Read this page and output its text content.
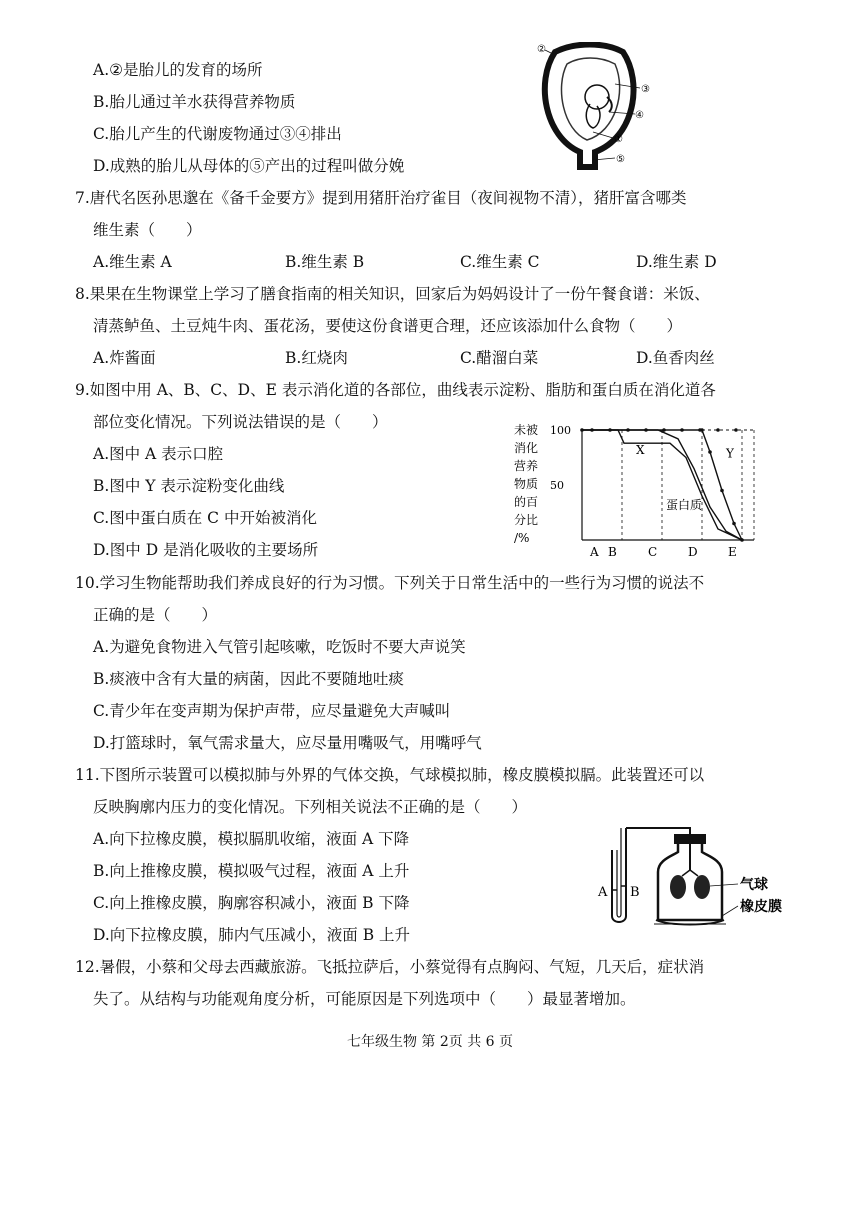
A.②是胎儿的发育的场所
B.胎儿通过羊水获得营养物质
C.胎儿产生的代谢废物通过③④排出
D.成熟的胎儿从母体的⑤产出的过程叫做分娩
②
③
④
①
⑤
7.唐代名医孙思邈在《备千金要方》提到用猪肝治疗雀目（夜间视物不清），猪肝富含哪类
维生素（　　）
A.维生素 A	B.维生素 B	C.维生素 C	D.维生素 D
8.果果在生物课堂上学习了膳食指南的相关知识，回家后为妈妈设计了一份午餐食谱：米饭、
清蒸鲈鱼、土豆炖牛肉、蛋花汤，要使这份食谱更合理，还应该添加什么食物（　　）
A.炸酱面	B.红烧肉	C.醋溜白菜	D.鱼香肉丝
9.如图中用 A、B、C、D、E 表示消化道的各部位，曲线表示淀粉、脂肪和蛋白质在消化道各
部位变化情况。下列说法错误的是（　　）
A.图中 A 表示口腔
B.图中 Y 表示淀粉变化曲线
C.图中蛋白质在 C 中开始被消化
D.图中 D 是消化吸收的主要场所
未被
消化
营养
物质
的百
分比
/%
100
50
A B	C	D	E
X	Y
蛋白质
10.学习生物能帮助我们养成良好的行为习惯。下列关于日常生活中的一些行为习惯的说法不
正确的是（　　）
A.为避免食物进入气管引起咳嗽，吃饭时不要大声说笑
B.痰液中含有大量的病菌，因此不要随地吐痰
C.青少年在变声期为保护声带，应尽量避免大声喊叫
D.打篮球时，氧气需求量大，应尽量用嘴吸气，用嘴呼气
11.下图所示装置可以模拟肺与外界的气体交换，气球模拟肺，橡皮膜模拟膈。此装置还可以
反映胸廓内压力的变化情况。下列相关说法不正确的是（　　）
A.向下拉橡皮膜，模拟膈肌收缩，液面 A 下降
B.向上推橡皮膜，模拟吸气过程，液面 A 上升
C.向上推橡皮膜，胸廓容积减小，液面 B 下降
D.向下拉橡皮膜，肺内气压减小，液面 B 上升
A B	气球
橡皮膜
12.暑假，小蔡和父母去西藏旅游。飞抵拉萨后，小蔡觉得有点胸闷、气短，几天后，症状消
失了。从结构与功能观角度分析，可能原因是下列选项中（　　）最显著增加。
七年级生物 第 2页 共 6 页
